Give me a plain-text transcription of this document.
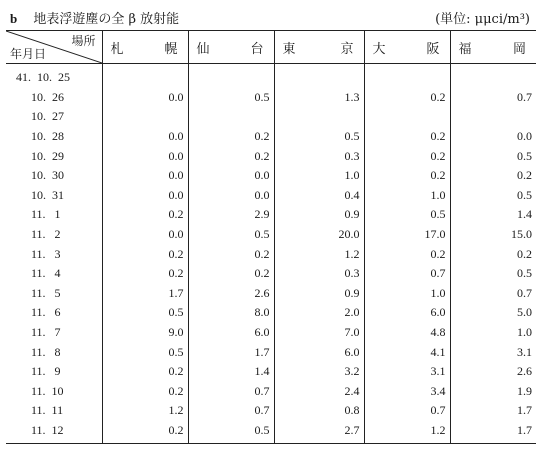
b 地表浮遊塵の全 β 放射能	(単位: μμci/m³)
場所
年月日	札 幌	仙 台	東 京	大 阪	福 岡

41.  10.  25					
10.  26	0.0	0.5	1.3	0.2	0.7
10.  27					
10.  28	0.0	0.2	0.5	0.2	0.0
10.  29	0.0	0.2	0.3	0.2	0.5
10.  30	0.0	0.0	1.0	0.2	0.2
10.  31	0.0	0.0	0.4	1.0	0.5
11.   1	0.2	2.9	0.9	0.5	1.4
11.   2	0.0	0.5	20.0	17.0	15.0
11.   3	0.2	0.2	1.2	0.2	0.2
11.   4	0.2	0.2	0.3	0.7	0.5
11.   5	1.7	2.6	0.9	1.0	0.7
11.   6	0.5	8.0	2.0	6.0	5.0
11.   7	9.0	6.0	7.0	4.8	1.0
11.   8	0.5	1.7	6.0	4.1	3.1
11.   9	0.2	1.4	3.2	3.1	2.6
11.  10	0.2	0.7	2.4	3.4	1.9
11.  11	1.2	0.7	0.8	0.7	1.7
11.  12	0.2	0.5	2.7	1.2	1.7
